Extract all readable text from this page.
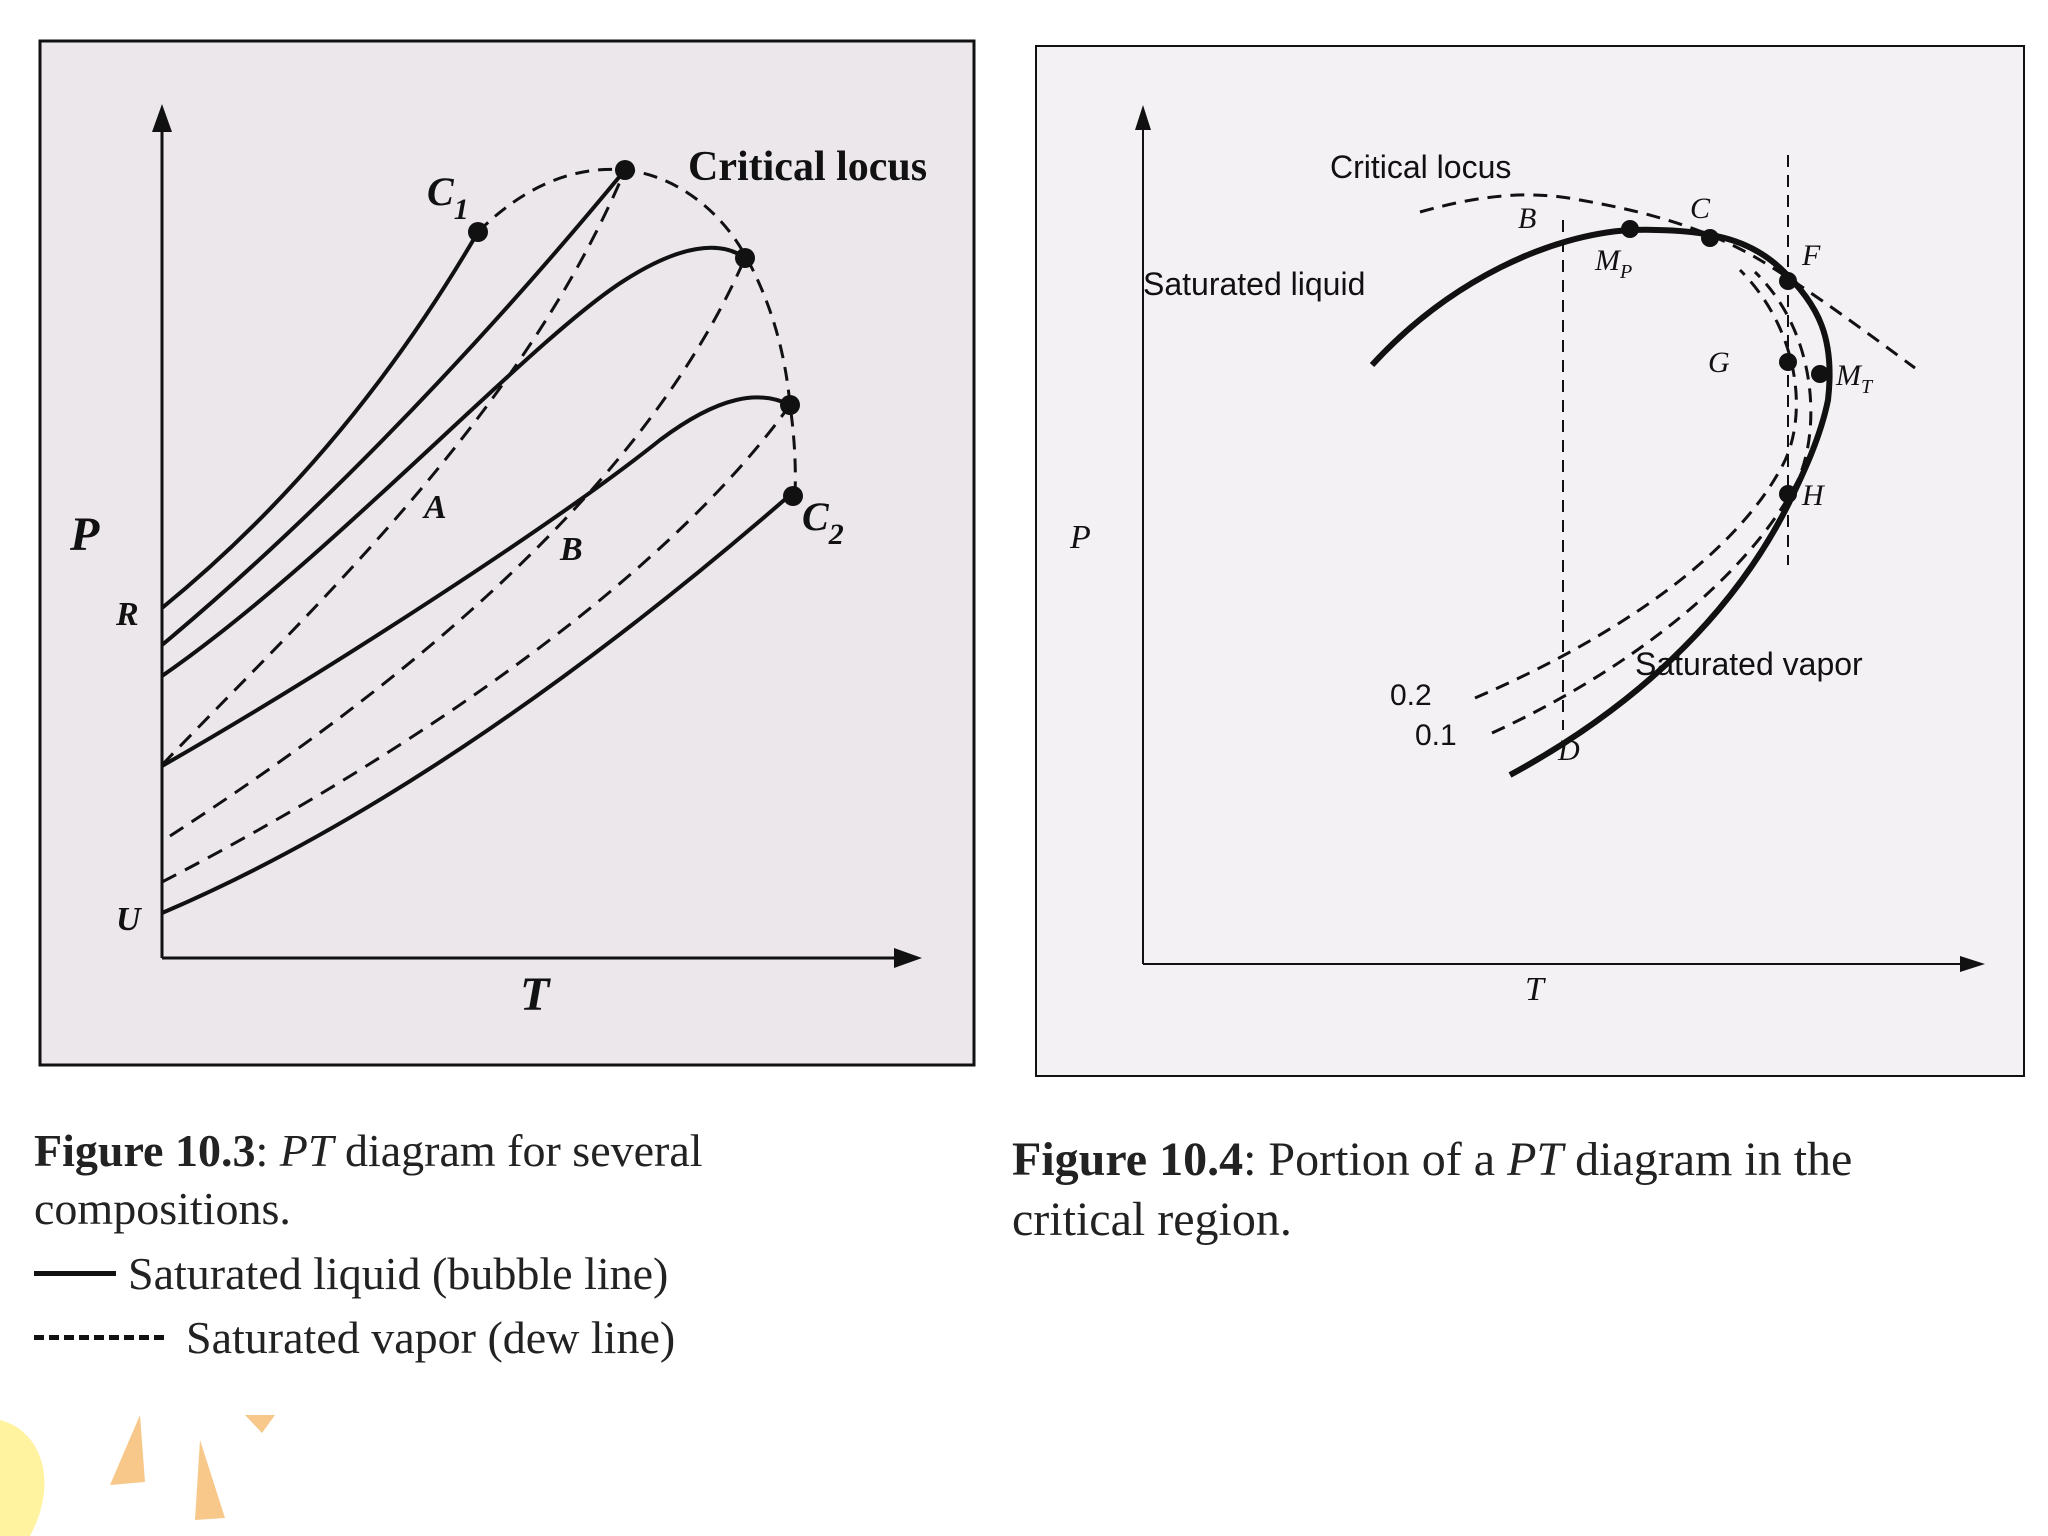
$C_1$
Critical locus
$C_2$
A
B
R
U
P
T
Critical locus
Saturated liquid
Saturated vapor
B	C
F
G
H
D
$M_P$
$M_T$
0.2
0.1
P
T
Figure 10.3: PT diagram for several compositions.
Saturated liquid (bubble line)
Saturated vapor (dew line)
Figure 10.4: Portion of a PT diagram in the critical region.
